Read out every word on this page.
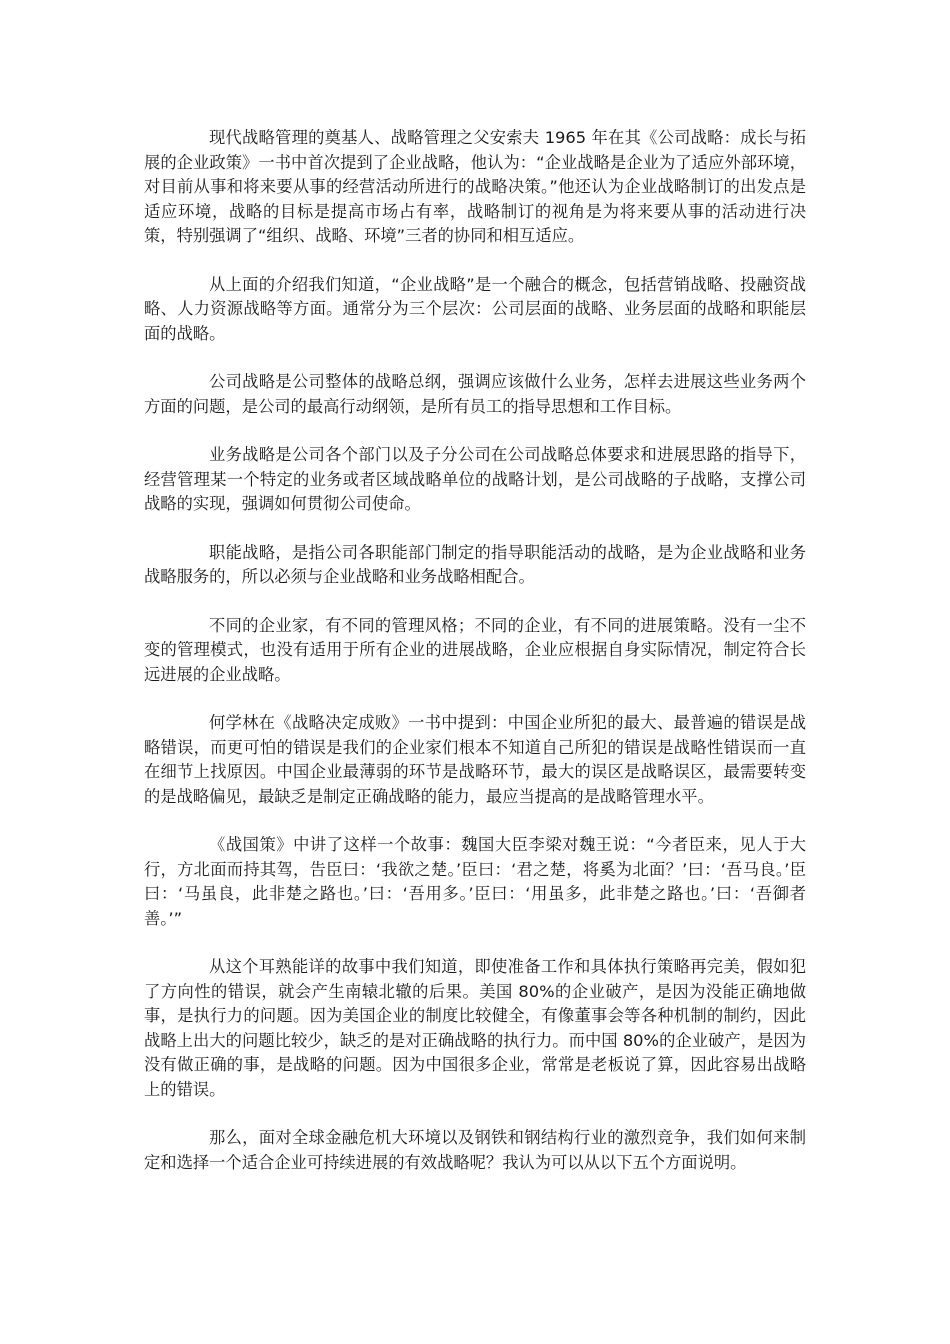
现代战略管理的奠基人、战略管理之父安索夫 1965 年在其《公司战略：成长与拓展的企业政策》一书中首次提到了企业战略，他认为：“企业战略是企业为了适应外部环境，对目前从事和将来要从事的经营活动所进行的战略决策。”他还认为企业战略制订的出发点是适应环境，战略的目标是提高市场占有率，战略制订的视角是为将来要从事的活动进行决策，特别强调了“组织、战略、环境”三者的协同和相互适应。

从上面的介绍我们知道，“企业战略”是一个融合的概念，包括营销战略、投融资战略、人力资源战略等方面。通常分为三个层次：公司层面的战略、业务层面的战略和职能层面的战略。

公司战略是公司整体的战略总纲，强调应该做什么业务，怎样去进展这些业务两个方面的问题，是公司的最高行动纲领，是所有员工的指导思想和工作目标。

业务战略是公司各个部门以及子分公司在公司战略总体要求和进展思路的指导下，经营管理某一个特定的业务或者区域战略单位的战略计划，是公司战略的子战略，支撑公司战略的实现，强调如何贯彻公司使命。

职能战略，是指公司各职能部门制定的指导职能活动的战略，是为企业战略和业务战略服务的，所以必须与企业战略和业务战略相配合。

不同的企业家，有不同的管理风格；不同的企业，有不同的进展策略。没有一尘不变的管理模式，也没有适用于所有企业的进展战略，企业应根据自身实际情况，制定符合长远进展的企业战略。

何学林在《战略决定成败》一书中提到：中国企业所犯的最大、最普遍的错误是战略错误，而更可怕的错误是我们的企业家们根本不知道自己所犯的错误是战略性错误而一直在细节上找原因。中国企业最薄弱的环节是战略环节，最大的误区是战略误区，最需要转变的是战略偏见，最缺乏是制定正确战略的能力，最应当提高的是战略管理水平。

《战国策》中讲了这样一个故事：魏国大臣李梁对魏王说：“今者臣来，见人于大行，方北面而持其驾，告臣曰：‘我欲之楚。’臣曰：‘君之楚，将奚为北面？’曰：‘吾马良。’臣曰：‘马虽良，此非楚之路也。’曰：‘吾用多。’臣曰：‘用虽多，此非楚之路也。’曰：‘吾御者善。’”

从这个耳熟能详的故事中我们知道，即使准备工作和具体执行策略再完美，假如犯了方向性的错误，就会产生南辕北辙的后果。美国 80%的企业破产，是因为没能正确地做事，是执行力的问题。因为美国企业的制度比较健全，有像董事会等各种机制的制约，因此战略上出大的问题比较少，缺乏的是对正确战略的执行力。而中国 80%的企业破产，是因为没有做正确的事，是战略的问题。因为中国很多企业，常常是老板说了算，因此容易出战略上的错误。

那么，面对全球金融危机大环境以及钢铁和钢结构行业的激烈竞争，我们如何来制定和选择一个适合企业可持续进展的有效战略呢？我认为可以从以下五个方面说明。
